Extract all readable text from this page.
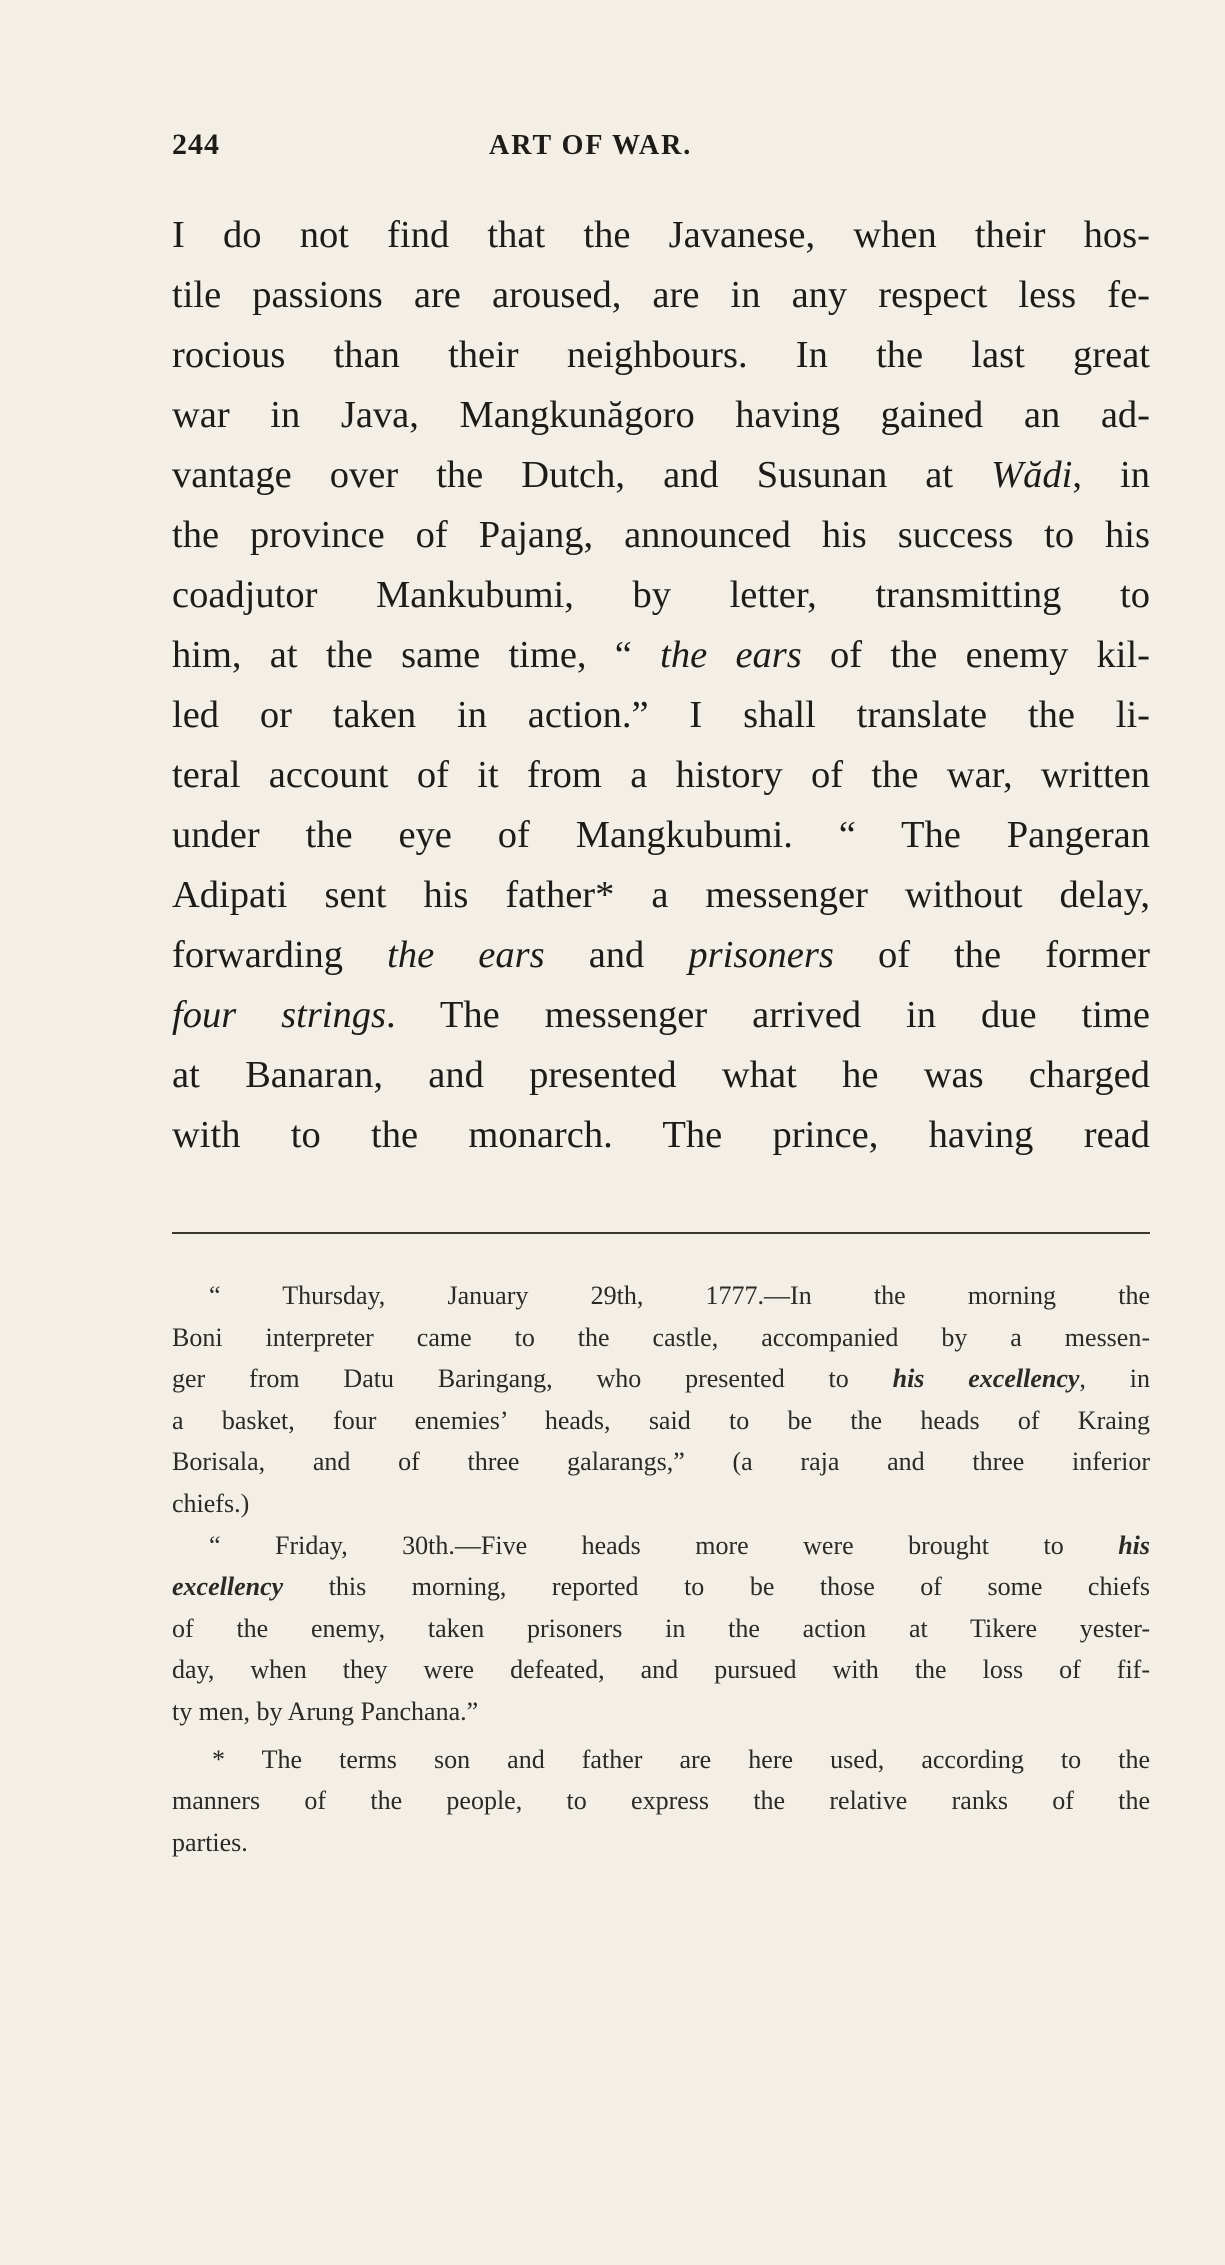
244	ART OF WAR.
I do not find that the Javanese, when their hos-
tile passions are aroused, are in any respect less fe-
rocious than their neighbours. In the last great
war in Java, Mangkunăgoro having gained an ad-
vantage over the Dutch, and Susunan at Wădi, in
the province of Pajang, announced his success to his
coadjutor Mankubumi, by letter, transmitting to
him, at the same time, “ the ears of the enemy kil-
led or taken in action.” I shall translate the li-
teral account of it from a history of the war, written
under the eye of Mangkubumi. “ The Pangeran
Adipati sent his father* a messenger without delay,
forwarding the ears and prisoners of the former
four strings. The messenger arrived in due time
at Banaran, and presented what he was charged
with to the monarch. The prince, having read
“ Thursday, January 29th, 1777.—In the morning the
Boni interpreter came to the castle, accompanied by a messen-
ger from Datu Baringang, who presented to his excellency, in
a basket, four enemies’ heads, said to be the heads of Kraing
Borisala, and of three galarangs,” (a raja and three inferior
chiefs.)
“ Friday, 30th.—Five heads more were brought to his
excellency this morning, reported to be those of some chiefs
of the enemy, taken prisoners in the action at Tikere yester-
day, when they were defeated, and pursued with the loss of fif-
ty men, by Arung Panchana.”
* The terms son and father are here used, according to the
manners of the people, to express the relative ranks of the
parties.
